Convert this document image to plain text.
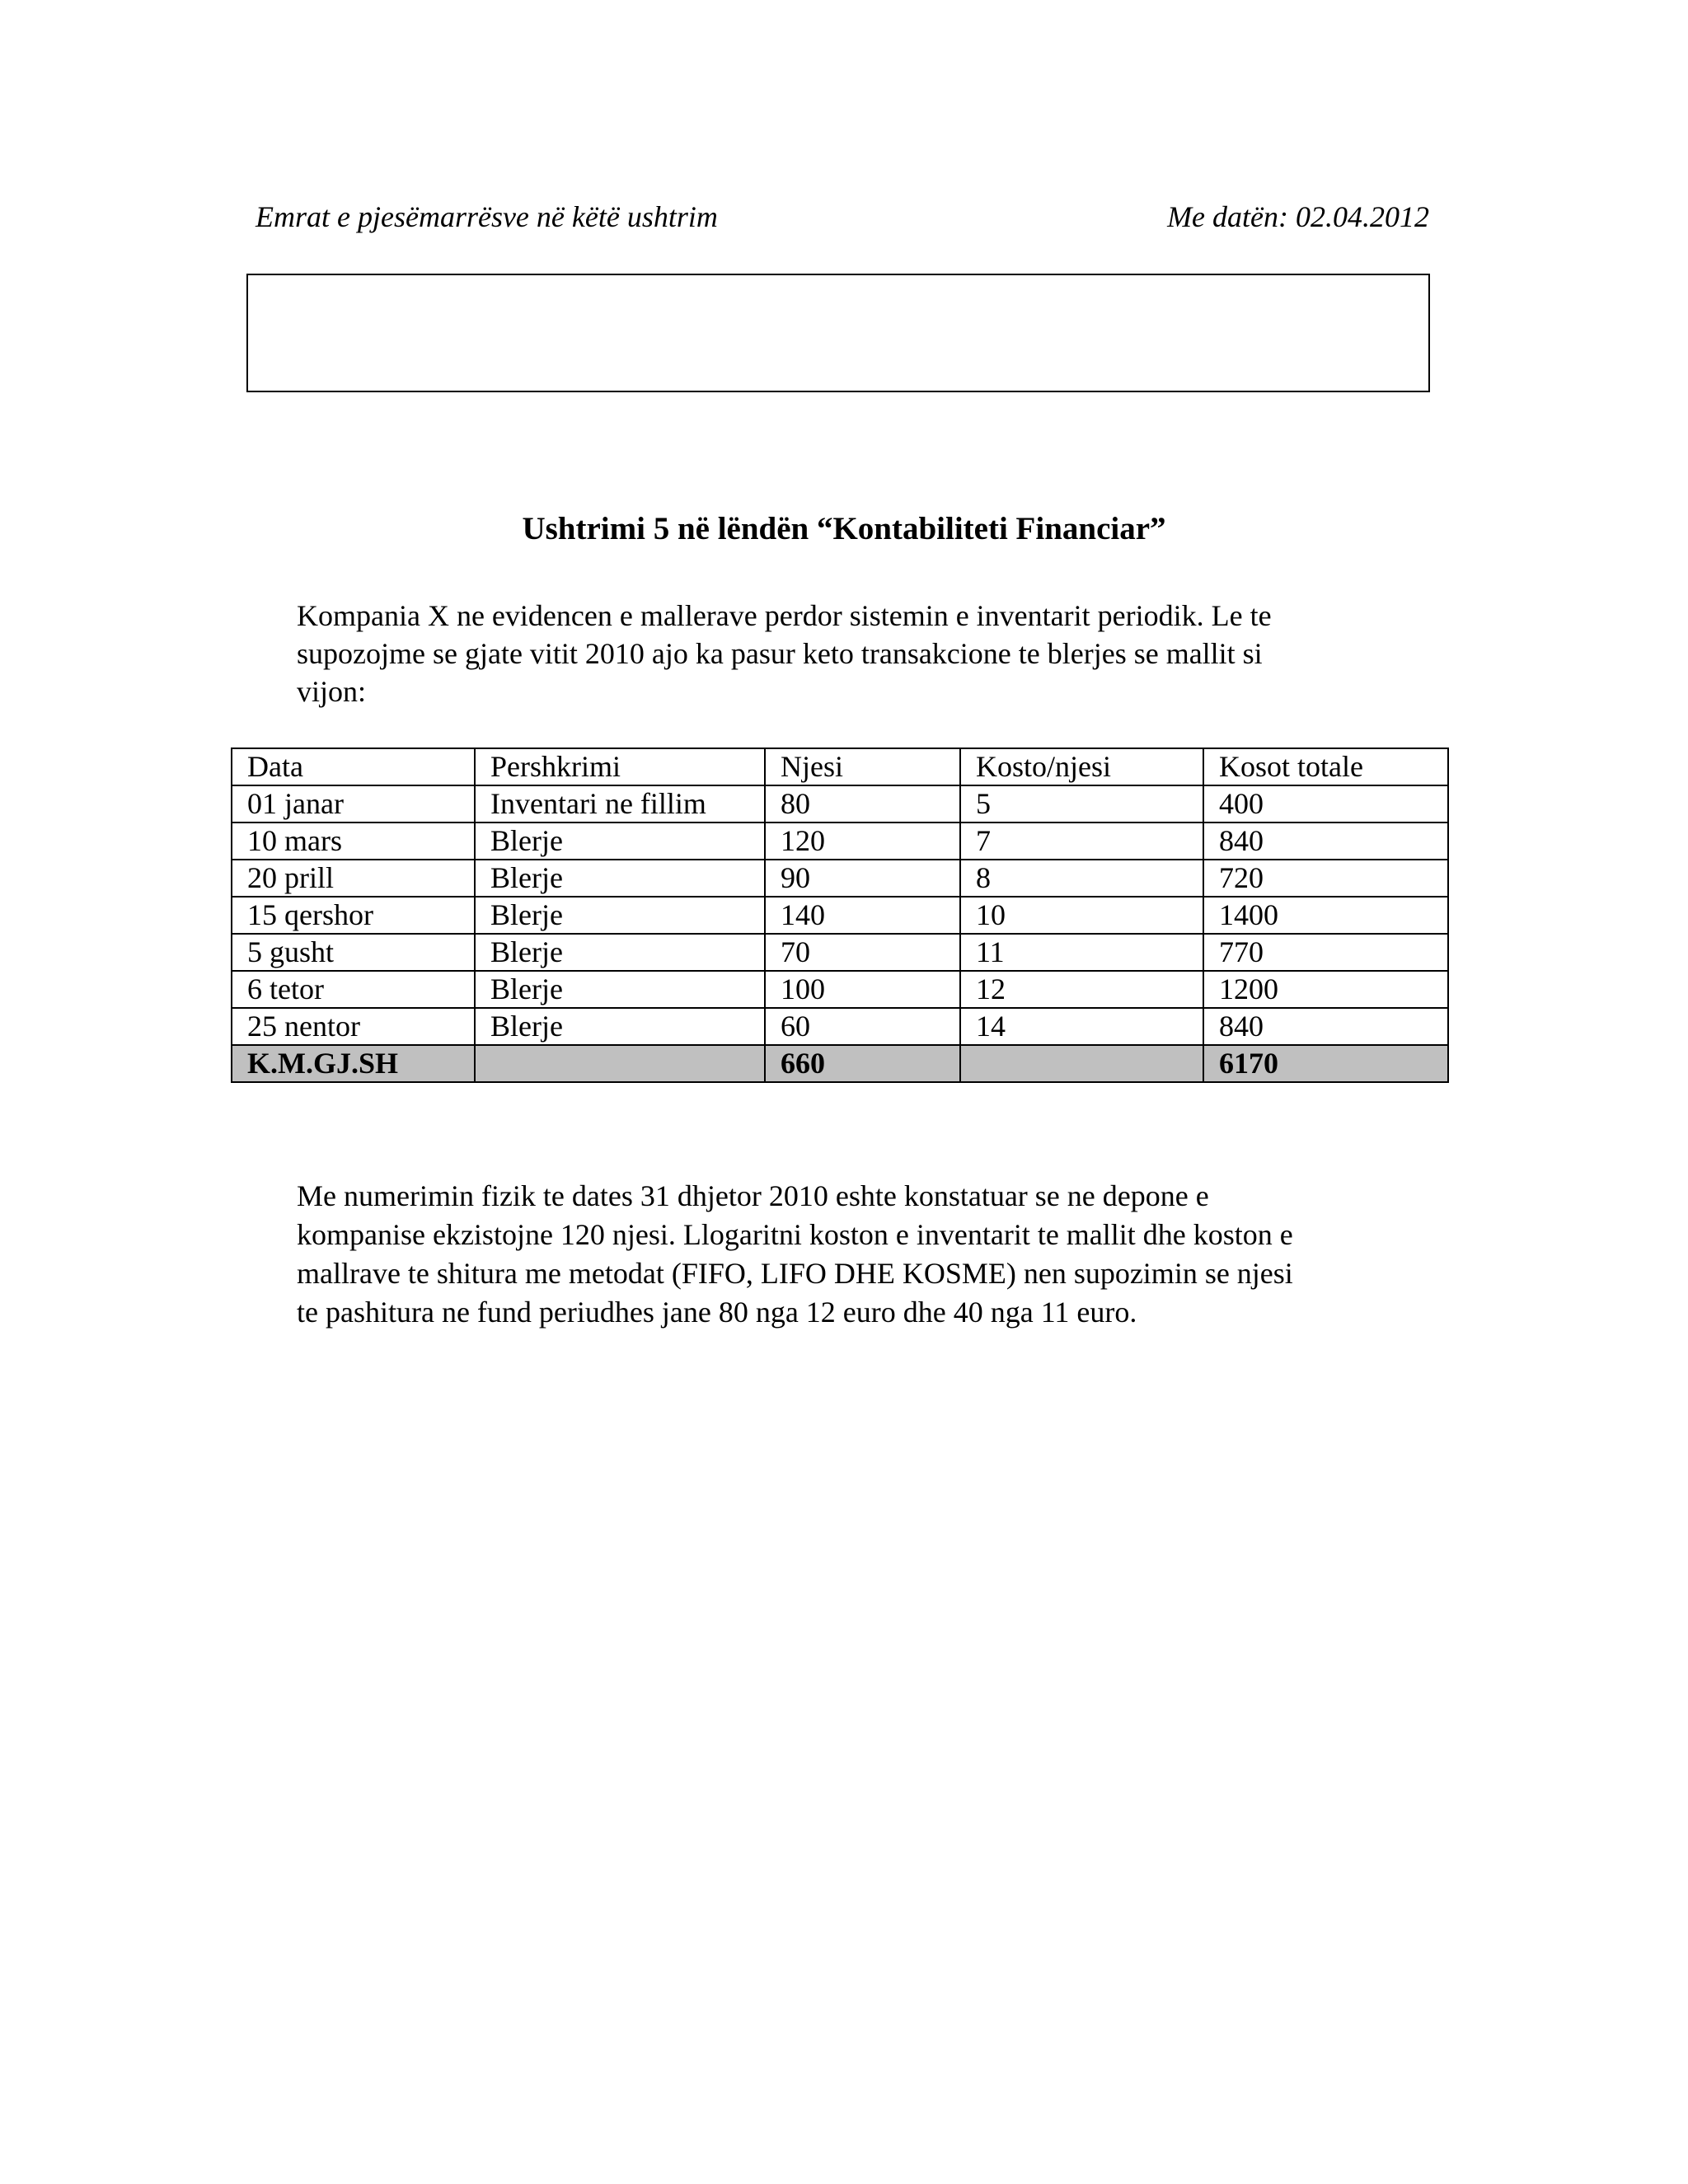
Emrat e pjesëmarrësve në këtë ushtrim	Me datën: 02.04.2012
Ushtrimi 5 në lëndën “Kontabiliteti Financiar”

Kompania X ne evidencen e mallerave perdor sistemin e inventarit periodik. Le te
supozojme se gjate vitit 2010 ajo ka pasur keto transakcione te blerjes se mallit si
vijon:

Data	Pershkrimi	Njesi	Kosto/njesi	Kosot totale
01 janar	Inventari ne fillim	80	5	400
10 mars	Blerje	120	7	840
20 prill	Blerje	90	8	720
15 qershor	Blerje	140	10	1400
5 gusht	Blerje	70	11	770
6 tetor	Blerje	100	12	1200
25 nentor	Blerje	60	14	840
K.M.GJ.SH		660		6170

Me numerimin fizik te dates 31 dhjetor 2010 eshte konstatuar se ne depone e
kompanise ekzistojne 120 njesi. Llogaritni koston e inventarit te mallit dhe koston e
mallrave te shitura me metodat (FIFO, LIFO DHE KOSME) nen supozimin se njesi
te pashitura ne fund periudhes jane 80 nga 12 euro dhe 40 nga 11 euro.
